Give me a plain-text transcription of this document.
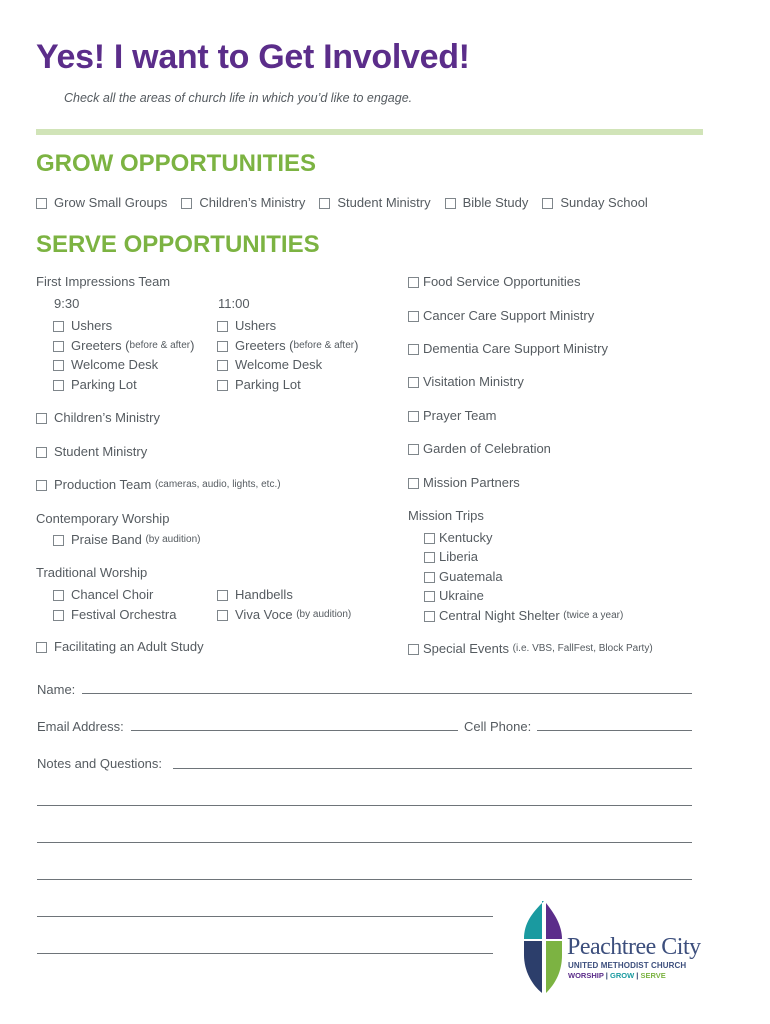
Yes! I want to Get Involved!
Check all the areas of church life in which you’d like to engage.
GROW OPPORTUNITIES
Grow Small Groups Children’s Ministry Student Ministry Bible Study Sunday School
SERVE OPPORTUNITIES
First Impressions Team
9:30	11:00
Ushers
Greeters ( before & after )
Welcome Desk
Parking Lot
Ushers
Greeters ( before & after )
Welcome Desk
Parking Lot
Children’s Ministry
Student Ministry
Production Team
(cameras, audio, lights, etc.)
Contemporary Worship
Praise Band
(by audition)
Traditional Worship
Chancel Choir
Festival Orchestra
Handbells
Viva Voce
(by audition)
Facilitating an Adult Study
Food Service Opportunities
Cancer Care Support Ministry
Dementia Care Support Ministry
Visitation Ministry
Prayer Team
Garden of Celebration
Mission Partners
Mission Trips
Kentucky
Liberia
Guatemala
Ukraine
Central Night Shelter
(twice a year)
Special Events
(i.e. VBS, FallFest, Block Party)
Name:
Email Address:	Cell Phone:
Notes and Questions:
Peachtree City
UNITED METHODIST CHURCH
WORSHIP | GROW | SERVE
